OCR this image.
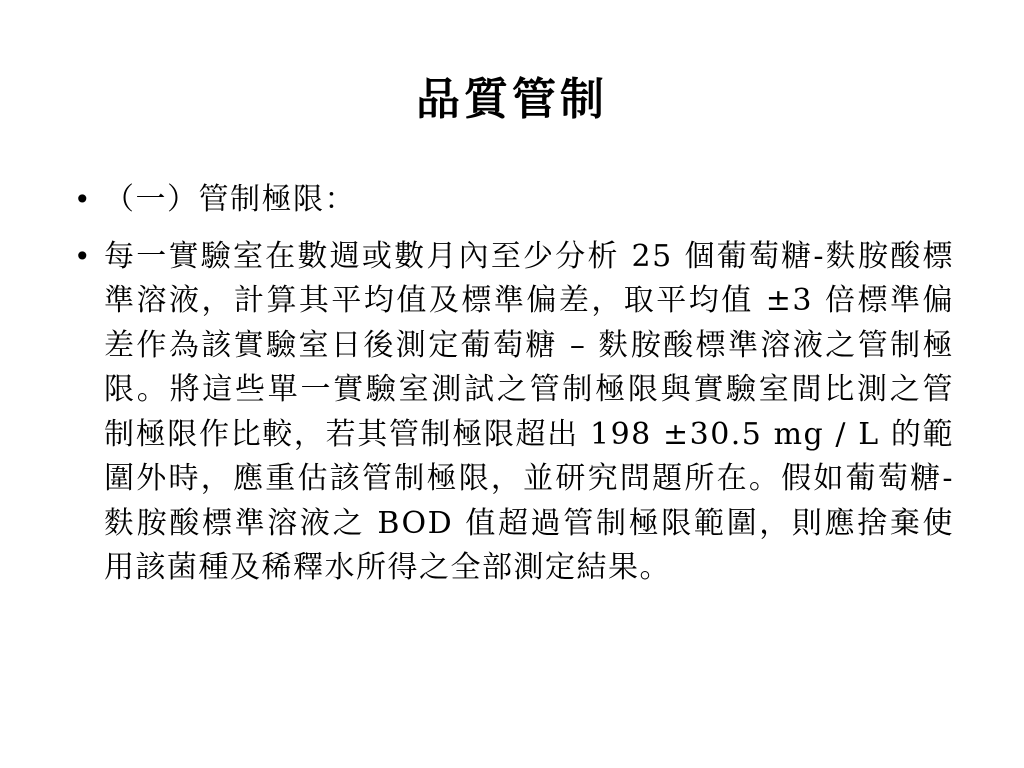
品質管制
• （一）管制極限：
• 每一實驗室在數週或數月內至少分析 25 個葡萄糖-麩胺酸標準溶液，計算其平均值及標準偏差，取平均值 ±3 倍標準偏差作為該實驗室日後測定葡萄糖 – 麩胺酸標準溶液之管制極限。將這些單一實驗室測試之管制極限與實驗室間比測之管制極限作比較，若其管制極限超出 198 ±30.5 mg / L 的範圍外時，應重估該管制極限，並研究問題所在。假如葡萄糖-麩胺酸標準溶液之 BOD 值超過管制極限範圍，則應捨棄使用該菌種及稀釋水所得之全部測定結果。
